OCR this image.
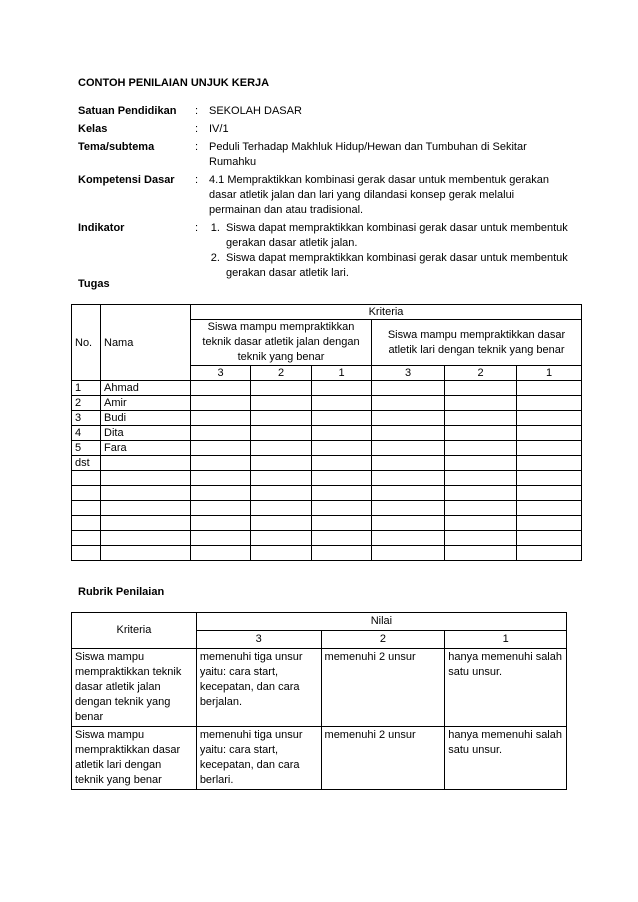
CONTOH PENILAIAN UNJUK KERJA
Satuan Pendidikan	: SEKOLAH DASAR
Kelas	: IV/1
Tema/subtema	: Peduli Terhadap Makhluk Hidup/Hewan dan Tumbuhan di Sekitar Rumahku
Kompetensi Dasar	: 4.1 Mempraktikkan kombinasi gerak dasar untuk membentuk gerakan dasar atletik jalan dan lari yang dilandasi konsep gerak melalui permainan dan atau tradisional.
Indikator	:	1. Siswa dapat mempraktikkan kombinasi gerak dasar untuk membentuk gerakan dasar atletik jalan.
2. Siswa dapat mempraktikkan kombinasi gerak dasar untuk membentuk gerakan dasar atletik lari.
Tugas
No.	Nama	Kriteria					
		Siswa mampu mempraktikkan teknik dasar atletik jalan dengan teknik yang benar			Siswa mampu mempraktikkan dasar atletik lari dengan teknik yang benar		
		3	2	1	3	2	1
1	Ahmad						
2	Amir						
3	Budi						
4	Dita						
5	Fara						
dst							

Rubrik Penilaian
Kriteria	Nilai		
	3	2	1
Siswa mampu mempraktikkan teknik dasar atletik jalan dengan teknik yang benar	memenuhi tiga unsur yaitu: cara start, kecepatan, dan cara berjalan.	memenuhi 2 unsur	hanya memenuhi salah satu unsur.
Siswa mampu mempraktikkan dasar atletik lari dengan teknik yang benar	memenuhi tiga unsur yaitu: cara start, kecepatan, dan cara berlari.	memenuhi 2 unsur	hanya memenuhi salah satu unsur.
